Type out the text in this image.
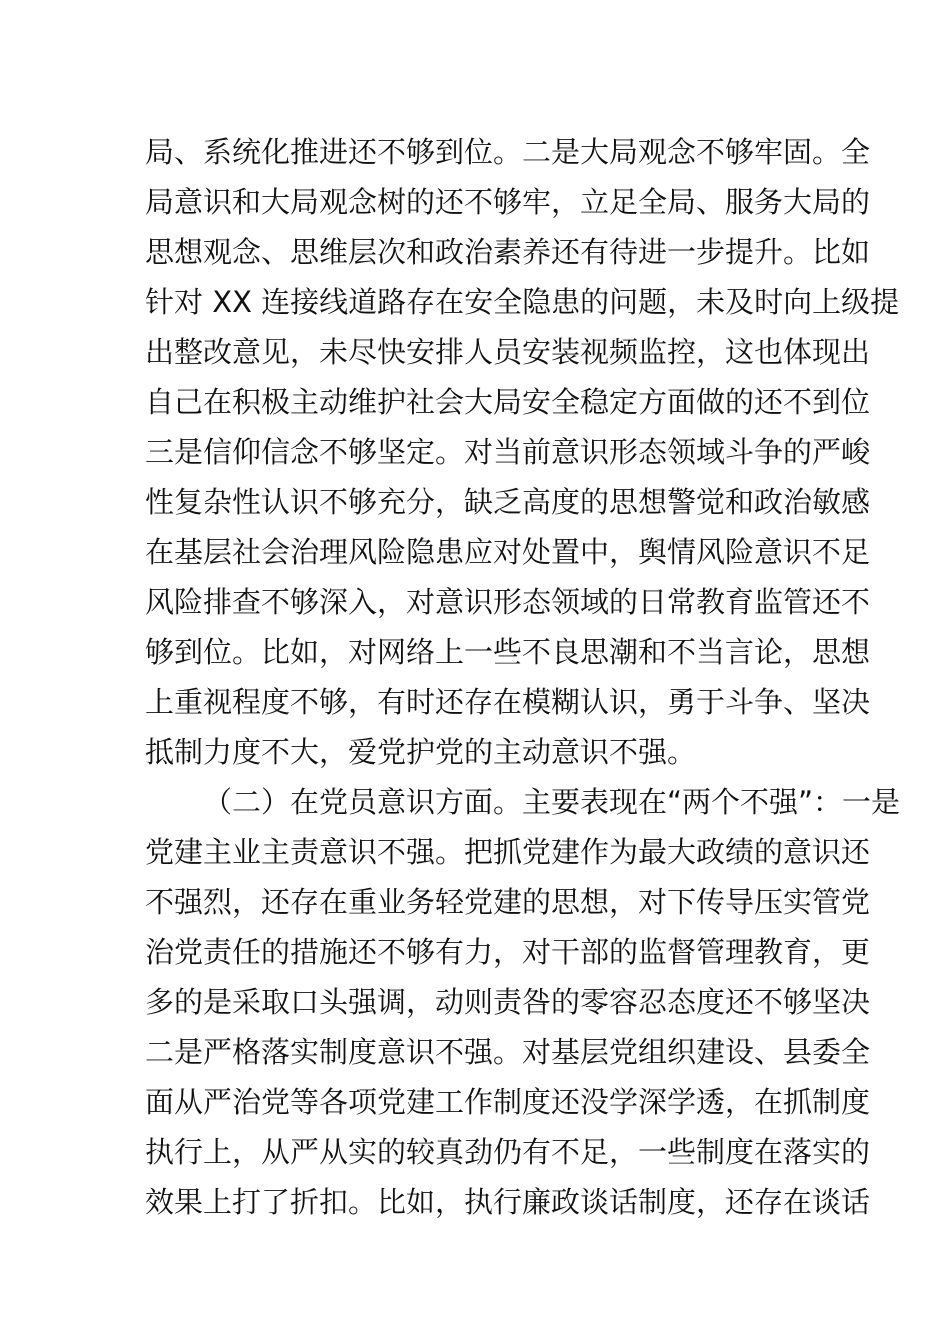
局、系统化推进还不够到位。二是大局观念不够牢固。全
局意识和大局观念树的还不够牢，立足全局、服务大局的
思想观念、思维层次和政治素养还有待进一步提升。比如
针对 XX 连接线道路存在安全隐患的问题，未及时向上级提
出整改意见，未尽快安排人员安装视频监控，这也体现出
自己在积极主动维护社会大局安全稳定方面做的还不到位
三是信仰信念不够坚定。对当前意识形态领域斗争的严峻
性复杂性认识不够充分，缺乏高度的思想警觉和政治敏感
在基层社会治理风险隐患应对处置中，舆情风险意识不足
风险排查不够深入，对意识形态领域的日常教育监管还不
够到位。比如，对网络上一些不良思潮和不当言论，思想
上重视程度不够，有时还存在模糊认识，勇于斗争、坚决
抵制力度不大，爱党护党的主动意识不强。
（二）在党员意识方面。主要表现在“两个不强”：一是
党建主业主责意识不强。把抓党建作为最大政绩的意识还
不强烈，还存在重业务轻党建的思想，对下传导压实管党
治党责任的措施还不够有力，对干部的监督管理教育，更
多的是采取口头强调，动则责咎的零容忍态度还不够坚决
二是严格落实制度意识不强。对基层党组织建设、县委全
面从严治党等各项党建工作制度还没学深学透，在抓制度
执行上，从严从实的较真劲仍有不足，一些制度在落实的
效果上打了折扣。比如，执行廉政谈话制度，还存在谈话
